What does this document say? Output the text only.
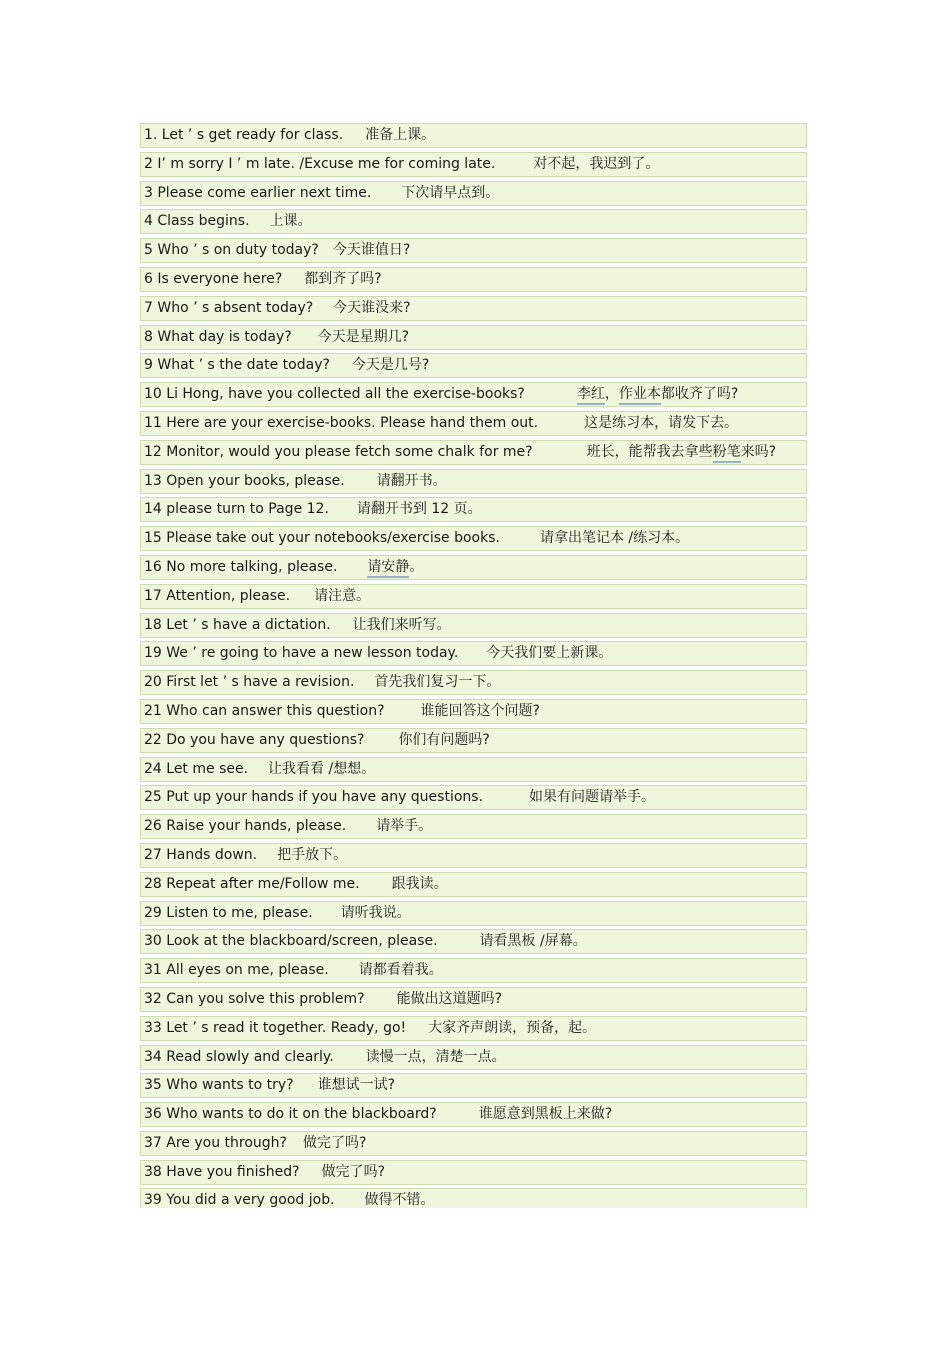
1. Let ’ s get ready for class. 准备上课。
2 I’ m sorry I ’ m late. /Excuse me for coming late.	对不起，我迟到了。
3 Please come earlier next time. 下次请早点到。
4 Class begins. 上课。
5 Who ’ s on duty today? 今天谁值日?
6 Is everyone here? 都到齐了吗?
7 Who ’ s absent today? 今天谁没来?
8 What day is today? 今天是星期几?
9 What ’ s the date today? 今天是几号?
10 Li Hong, have you collected all the exercise-books?	李红，作业本都收齐了吗?
11 Here are your exercise-books. Please hand them out.	这是练习本，请发下去。
12 Monitor, would you please fetch some chalk for me?	班长，能帮我去拿些粉笔来吗?
13 Open your books, please. 请翻开书。
14 please turn to Page 12. 请翻开书到 12 页。
15 Please take out your notebooks/exercise books.	请拿出笔记本 /练习本。
16 No more talking, please. 请安静。
17 Attention, please. 请注意。
18 Let ’ s have a dictation. 让我们来听写。
19 We ’ re going to have a new lesson today. 今天我们要上新课。
20 First let ’ s have a revision. 首先我们复习一下。
21 Who can answer this question?	谁能回答这个问题?
22 Do you have any questions? 你们有问题吗?
24 Let me see. 让我看看 /想想。
25 Put up your hands if you have any questions.	如果有问题请举手。
26 Raise your hands, please. 请举手。
27 Hands down. 把手放下。
28 Repeat after me/Follow me. 跟我读。
29 Listen to me, please. 请听我说。
30 Look at the blackboard/screen, please.	请看黑板 /屏幕。
31 All eyes on me, please. 请都看着我。
32 Can you solve this problem? 能做出这道题吗?
33 Let ’ s read it together. Ready, go! 大家齐声朗读，预备，起。
34 Read slowly and clearly. 读慢一点，清楚一点。
35 Who wants to try? 谁想试一试?
36 Who wants to do it on the blackboard?	谁愿意到黑板上来做?
37 Are you through? 做完了吗?
38 Have you finished? 做完了吗?
39 You did a very good job. 做得不错。
